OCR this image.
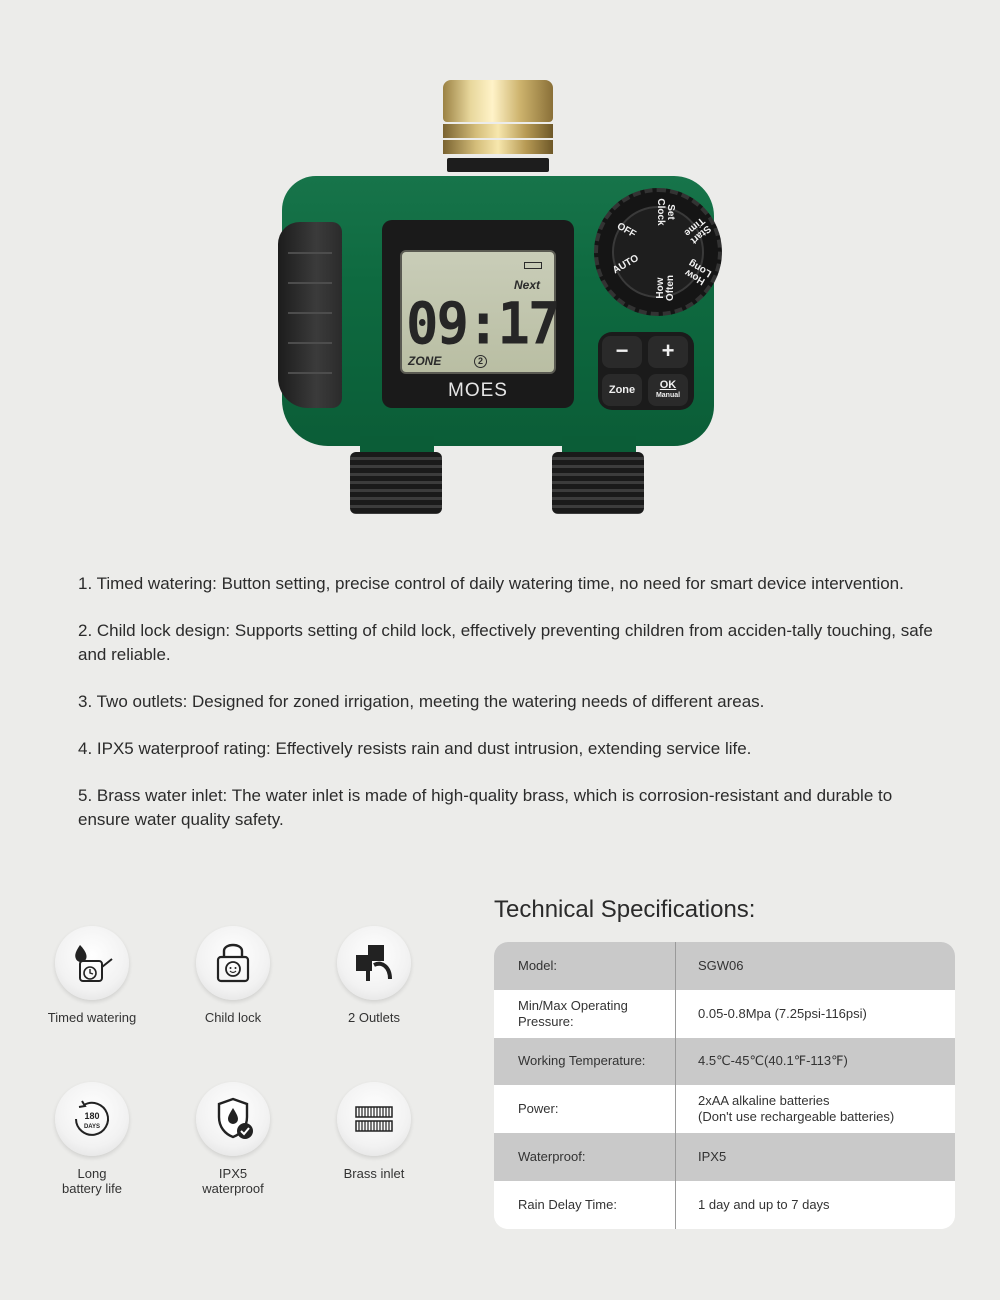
Next
09:17
ZONE	2
MOES
OFF
Set Clock
Start Time
How Long
How Often
AUTO
−	+
Zone	OK
Manual

1. Timed watering: Button setting, precise control of daily watering time, no need for smart device intervention.

2. Child lock design: Supports setting of child lock, effectively preventing children from acciden-tally touching, safe and reliable.

3. Two outlets: Designed for zoned irrigation, meeting the watering needs of different areas.

4. IPX5 waterproof rating: Effectively resists rain and dust intrusion, extending service life.

5. Brass water inlet: The water inlet is made of high-quality brass, which is corrosion-resistant and durable to ensure water quality safety.

Timed watering	Child lock	2 Outlets
180
DAYS
Long
battery life
IPX5
waterproof
Brass inlet
Technical Specifications:
Model:	SGW06
Min/Max Operating
Pressure:
0.05-0.8Mpa (7.25psi-116psi)
Working Temperature:	4.5℃-45℃(40.1℉-113℉)
Power:
2xAA alkaline batteries
(Don't use rechargeable batteries)
Waterproof:	IPX5
Rain Delay Time:	1 day and up to 7 days
